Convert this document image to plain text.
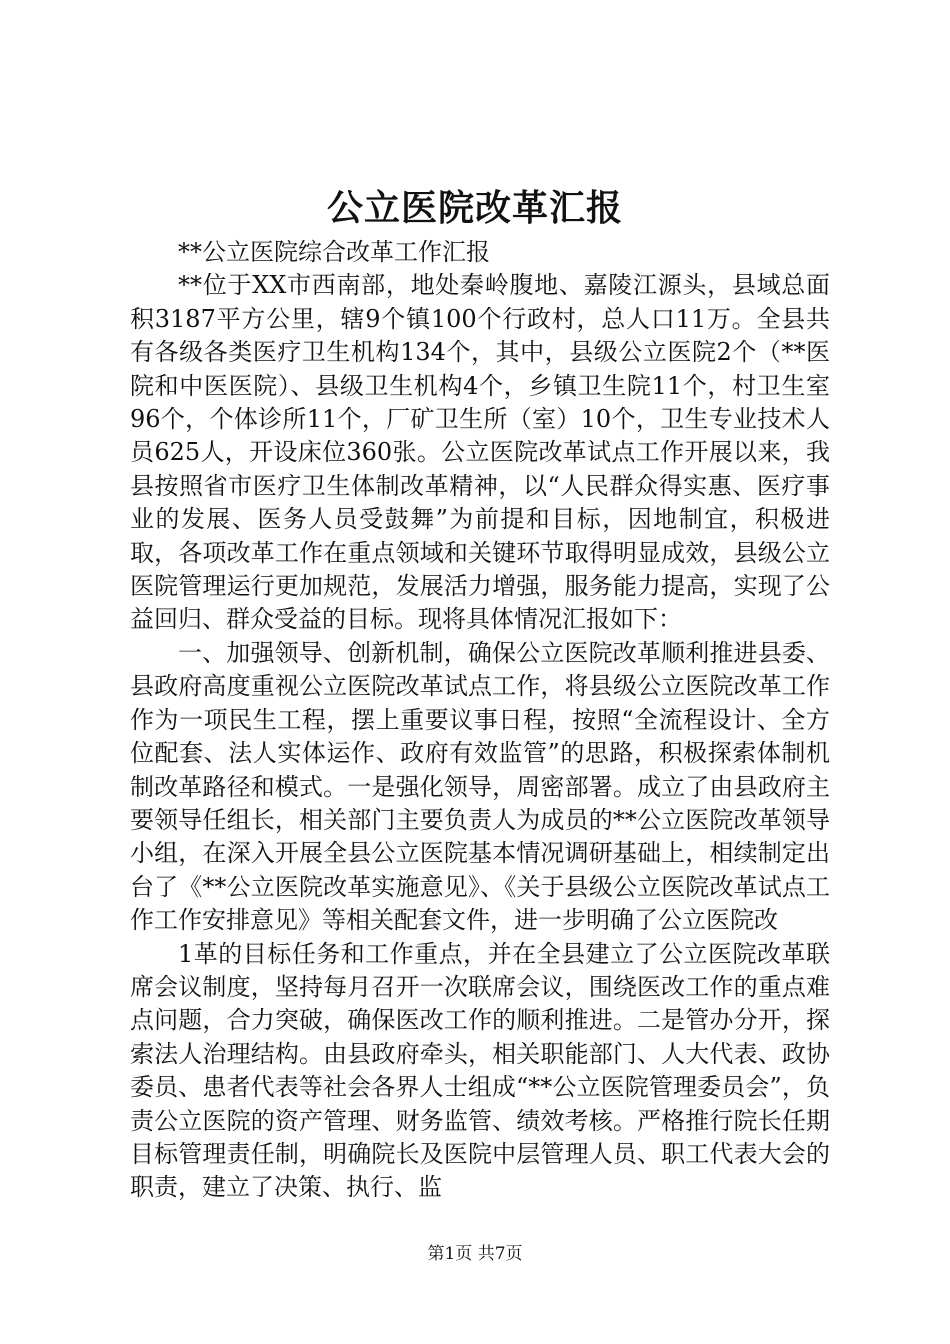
公立医院改革汇报

**公立医院综合改革工作汇报

**位于XX市西南部，地处秦岭腹地、嘉陵江源头，县域总面积3187平方公里，辖9个镇100个行政村，总人口11万。全县共有各级各类医疗卫生机构134个，其中，县级公立医院2个（**医院和中医医院）、县级卫生机构4个，乡镇卫生院11个，村卫生室96个，个体诊所11个，厂矿卫生所（室）10个，卫生专业技术人员625人，开设床位360张。公立医院改革试点工作开展以来，我县按照省市医疗卫生体制改革精神，以“人民群众得实惠、医疗事业的发展、医务人员受鼓舞”为前提和目标，因地制宜，积极进取，各项改革工作在重点领域和关键环节取得明显成效，县级公立医院管理运行更加规范，发展活力增强，服务能力提高，实现了公益回归、群众受益的目标。现将具体情况汇报如下：

一、加强领导、创新机制，确保公立医院改革顺利推进县委、县政府高度重视公立医院改革试点工作，将县级公立医院改革工作作为一项民生工程，摆上重要议事日程，按照“全流程设计、全方位配套、法人实体运作、政府有效监管”的思路，积极探索体制机制改革路径和模式。一是强化领导，周密部署。成立了由县政府主要领导任组长，相关部门主要负责人为成员的**公立医院改革领导小组，在深入开展全县公立医院基本情况调研基础上，相续制定出台了《**公立医院改革实施意见》、《关于县级公立医院改革试点工作工作安排意见》等相关配套文件，进一步明确了公立医院改

1革的目标任务和工作重点，并在全县建立了公立医院改革联席会议制度，坚持每月召开一次联席会议，围绕医改工作的重点难点问题，合力突破，确保医改工作的顺利推进。二是管办分开，探索法人治理结构。由县政府牵头，相关职能部门、人大代表、政协委员、患者代表等社会各界人士组成“**公立医院管理委员会”，负责公立医院的资产管理、财务监管、绩效考核。严格推行院长任期目标管理责任制，明确院长及医院中层管理人员、职工代表大会的职责，建立了决策、执行、监

第1页 共7页
